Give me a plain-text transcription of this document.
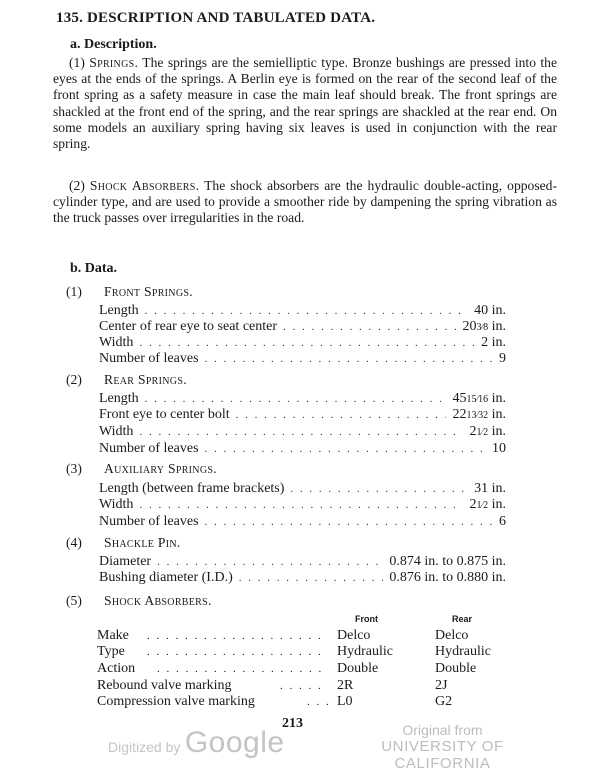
135. DESCRIPTION AND TABULATED DATA.
a. Description.
(1) Springs. The springs are the semielliptic type. Bronze bushings are pressed into the eyes at the ends of the springs. A Berlin eye is formed on the rear of the second leaf of the front spring as a safety measure in case the main leaf should break. The front springs are shackled at the front end of the spring, and the rear springs are shackled at the rear end. On some models an auxiliary spring having six leaves is used in conjunction with the rear spring.
(2) Shock Absorbers. The shock absorbers are the hydraulic double-acting, opposed-cylinder type, and are used to provide a smoother ride by dampening the spring vibration as the truck passes over irregularities in the road.
b. Data.
(1) Front Springs.
Length . . .	40 in.
Center of rear eye to seat center . . .	203⁄8 in.
Width . . .	2 in.
Number of leaves . . .	9
(2) Rear Springs.
Length . . .	4515⁄16 in.
Front eye to center bolt . . .	2213⁄32 in.
Width . . .	21⁄2 in.
Number of leaves . . .	10
(3) Auxiliary Springs.
Length (between frame brackets) . . .	31 in.
Width . . .	21⁄2 in.
Number of leaves . . .	6
(4) Shackle Pin.
Diameter . . .	0.874 in. to 0.875 in.
Bushing diameter (I.D.) . . .	0.876 in. to 0.880 in.
(5) Shock Absorbers.
Front	Rear
Make . . .	Delco	Delco
Type . . .	Hydraulic	Hydraulic
Action . . .	Double	Double
Rebound valve marking . . .	2R	2J
Compression valve marking . . .	L0	G2
213
Digitized by Google	Original from
UNIVERSITY OF CALIFORNIA
